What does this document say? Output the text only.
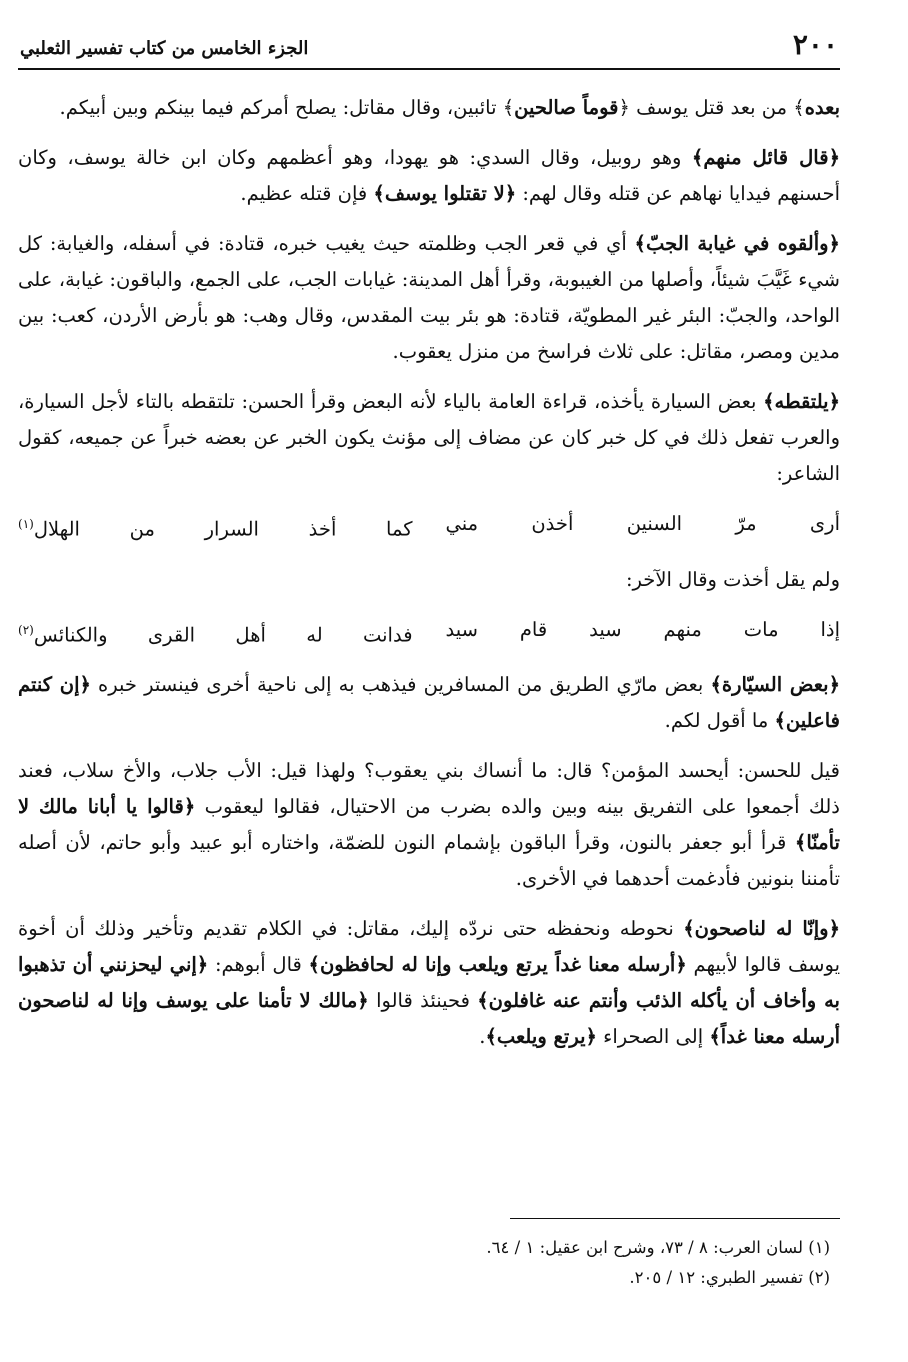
٢٠٠
الجزء الخامس من كتاب تفسير الثعلبي

بعده﴾ من بعد قتل يوسف ﴿قوماً صالحين﴾ تائبين، وقال مقاتل: يصلح أمركم فيما بينكم وبين أبيكم.

﴿قال قائل منهم﴾ وهو روبيل، وقال السدي: هو يهودا، وهو أعظمهم وكان ابن خالة يوسف، وكان أحسنهم فيدايا نهاهم عن قتله وقال لهم: ﴿لا تقتلوا يوسف﴾ فإن قتله عظيم.

﴿وألقوه في غيابة الجبّ﴾ أي في قعر الجب وظلمته حيث يغيب خبره، قتادة: في أسفله، والغيابة: كل شيء غَيَّبَ شيئاً، وأصلها من الغيبوبة، وقرأ أهل المدينة: غيابات الجب، على الجمع، والباقون: غيابة، على الواحد، والجبّ: البئر غير المطويّة، قتادة: هو بئر بيت المقدس، وقال وهب: هو بأرض الأردن، كعب: بين مدين ومصر، مقاتل: على ثلاث فراسخ من منزل يعقوب.

﴿يلتقطه﴾ بعض السيارة يأخذه، قراءة العامة بالياء لأنه البعض وقرأ الحسن: تلتقطه بالتاء لأجل السيارة، والعرب تفعل ذلك في كل خبر كان عن مضاف إلى مؤنث يكون الخبر عن بعضه خبراً عن جميعه، كقول الشاعر:

أرى مرّ السنين أخذن مني
كما أخذ السرار من الهلال$^{(١)}$

ولم يقل أخذت وقال الآخر:

إذا مات منهم سيد قام سيد
فدانت له أهل القرى والكنائس$^{(٢)}$

﴿بعض السيّارة﴾ بعض مارّي الطريق من المسافرين فيذهب به إلى ناحية أخرى فينستر خبره ﴿إن كنتم فاعلين﴾ ما أقول لكم.

قيل للحسن: أيحسد المؤمن؟ قال: ما أنساك بني يعقوب؟ ولهذا قيل: الأب جلاب، والأخ سلاب، فعند ذلك أجمعوا على التفريق بينه وبين والده بضرب من الاحتيال، فقالوا ليعقوب ﴿قالوا يا أبانا مالك لا تأمنّا﴾ قرأ أبو جعفر بالنون، وقرأ الباقون بإشمام النون للضمّة، واختاره أبو عبيد وأبو حاتم، لأن أصله تأمننا بنونين فأدغمت أحدهما في الأخرى.

﴿وإنّا له لناصحون﴾ نحوطه ونحفظه حتى نردّه إليك، مقاتل: في الكلام تقديم وتأخير وذلك أن أخوة يوسف قالوا لأبيهم ﴿أرسله معنا غداً يرتع ويلعب وإنا له لحافظون﴾ قال أبوهم: ﴿إني ليحزنني أن تذهبوا به وأخاف أن يأكله الذئب وأنتم عنه غافلون﴾ فحينئذ قالوا ﴿مالك لا تأمنا على يوسف وإنا له لناصحون أرسله معنا غداً﴾ إلى الصحراء ﴿يرتع ويلعب﴾.

(١) لسان العرب: ٨ / ٧٣، وشرح ابن عقيل: ١ / ٦٤.
(٢) تفسير الطبري: ١٢ / ٢٠٥.
